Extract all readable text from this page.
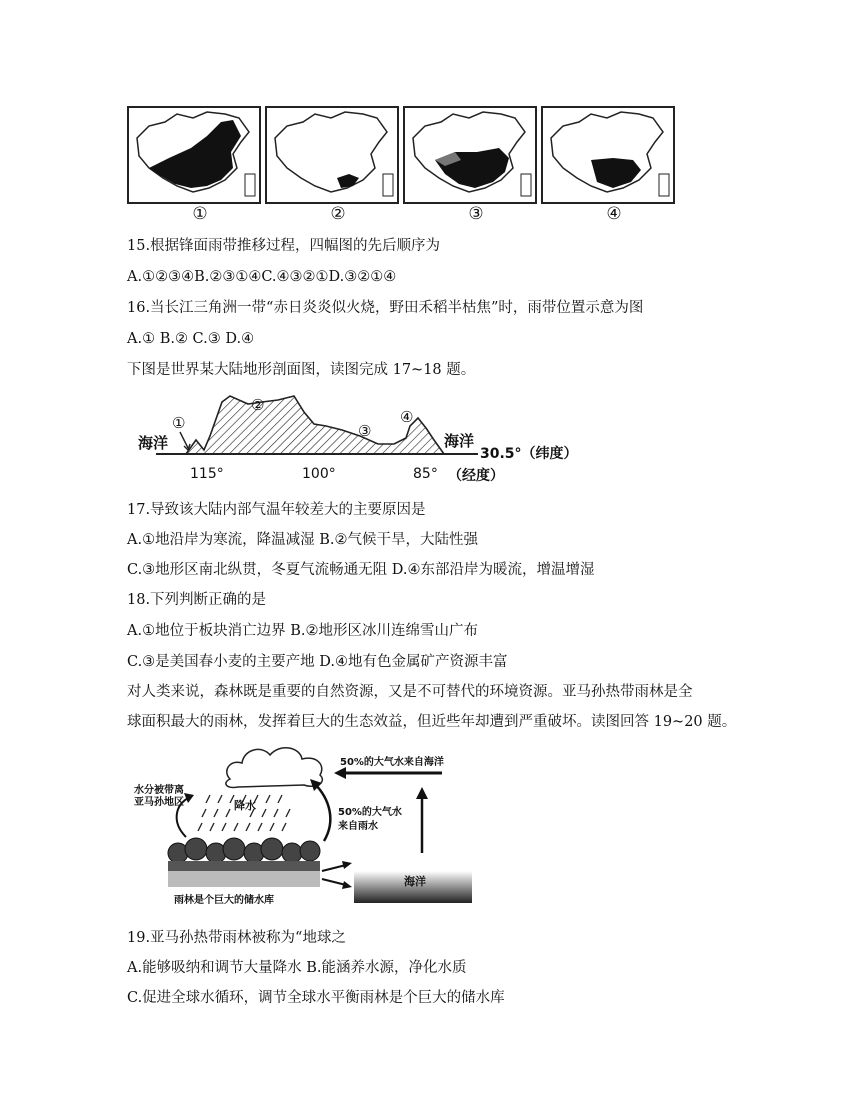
①	②	③	④
15.根据锋面雨带推移过程，四幅图的先后顺序为
A.①②③④B.②③①④C.④③②①D.③②①④
16.当长江三角洲一带“赤日炎炎似火烧，野田禾稻半枯焦”时，雨带位置示意为图
A.① B.② C.③ D.④
下图是世界某大陆地形剖面图，读图完成 17~18 题。
海洋	海洋
①
②
③
④
115°	100°	85°
30.5°（纬度）
（经度）
17.导致该大陆内部气温年较差大的主要原因是
A.①地沿岸为寒流，降温减湿 B.②气候干旱，大陆性强
C.③地形区南北纵贯，冬夏气流畅通无阻 D.④东部沿岸为暖流，增温增湿
18.下列判断正确的是
A.①地位于板块消亡边界 B.②地形区冰川连绵雪山广布
C.③是美国春小麦的主要产地 D.④地有色金属矿产资源丰富
对人类来说，森林既是重要的自然资源，又是不可替代的环境资源。亚马孙热带雨林是全
球面积最大的雨林，发挥着巨大的生态效益，但近些年却遭到严重破坏。读图回答 19~20 题。
降水
50%的大气水来自海洋
50%的大气水
来自雨水
水分被带离
亚马孙地区
雨林是个巨大的储水库
海洋
19.亚马孙热带雨林被称为“地球之
A.能够吸纳和调节大量降水 B.能涵养水源，净化水质
C.促进全球水循环，调节全球水平衡雨林是个巨大的储水库
